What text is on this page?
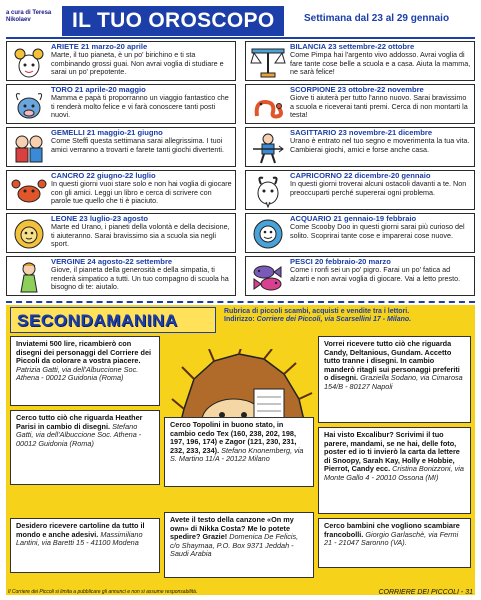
a cura di Teresa Nikolaev	IL TUO OROSCOPO	Settimana dal 23 al 29 gennaio
ARIETE 21 marzo-20 aprile
Marte, il tuo pianeta, è un po' birichino e ti sta combinando grossi guai. Non avrai voglia di studiare e sarai un po' prepotente.
BILANCIA 23 settembre-22 ottobre
Come Pimpa hai l'argento vivo addosso. Avrai voglia di fare tante cose belle a scuola e a casa. Aiuta la mamma, ne sarà felice!
TORO 21 aprile-20 maggio
Mamma e papà ti proporranno un viaggio fantastico che ti renderà molto felice e vi farà conoscere tanti posti nuovi.
SCORPIONE 23 ottobre-22 novembre
Giove ti aiuterà per tutto l'anno nuovo. Sarai bravissimo a scuola e riceverai tanti premi. Cerca di non montarti la testa!
GEMELLI 21 maggio-21 giugno
Come Steffi questa settimana sarai allegrissima. I tuoi amici verranno a trovarti e farete tanti giochi divertenti.
SAGITTARIO 23 novembre-21 dicembre
Urano è entrato nel tuo segno e moverimenta la tua vita. Cambierai giochi, amici e forse anche casa.
CANCRO 22 giugno-22 luglio
In questi giorni vuoi stare solo e non hai voglia di giocare con gli amici. Leggi un libro e cerca di scrivere con parole tue quello che ti è piaciuto.
CAPRICORNO 22 dicembre-20 gennaio
In questi giorni troverai alcuni ostacoli davanti a te. Non preoccuparti perché supererai ogni problema.
LEONE 23 luglio-23 agosto
Marte ed Urano, i pianeti della volontà e della decisione, ti aiuteranno. Sarai bravissimo sia a scuola sia negli sport.
ACQUARIO 21 gennaio-19 febbraio
Come Scooby Doo in questi giorni sarai più curioso del solito. Scoprirai tante cose e imparerai cose nuove.
VERGINE 24 agosto-22 settembre
Giove, il pianeta della generosità e della simpatia, ti renderà simpatico a tutti. Un tuo compagno di scuola ha bisogno di te: aiutalo.
PESCI 20 febbraio-20 marzo
Come i ronfi sei un po' pigro. Farai un po' fatica ad alzarti e non avrai voglia di giocare. Vai a letto presto.
SECONDAMANINA	Rubrica di piccoli scambi, acquisti e vendite tra i lettori.
Indirizzo: Corriere dei Piccoli, via Scarsellini 17 - Milano.
Inviatemi 500 lire, ricambierò con disegni dei personaggi del Corriere dei Piccoli da colorare a vostra piacere. Patrizia Gatti, via dell'Albuccione Soc. Athena - 00012 Guidonia (Roma)
Vorrei ricevere tutto ciò che riguarda Candy, Deltanious, Gundam. Accetto tutto tranne i disegni. In cambio manderò ritagli sui personaggi preferiti o disegni. Graziella Sodano, via Cimarosa 154/B - 80127 Napoli
Cerco tutto ciò che riguarda Heather Parisi in cambio di disegni. Stefano Gatti, via dell'Albuccione Soc. Athena - 00012 Guidonia (Roma)
Cerco Topolini in buono stato, in cambio cedo Tex (160, 238, 202, 198, 197, 196, 174) e Zagor (121, 230, 231, 232, 233, 234). Stefano Knonemberg, via S. Martino 11/A - 20122 Milano
Hai visto Excalibur? Scrivimi il tuo parere, mandami, se ne hai, delle foto, poster ed io ti invierò la carta da lettere di Snoopy, Sarah Kay, Holly e Hobbie, Pierrot, Candy ecc. Cristina Bonizzoni, via Monte Gallo 4 - 20010 Ossona (MI)
Desidero ricevere cartoline da tutto il mondo e anche adesivi. Massimiliano Lantini, via Baretti 15 - 41100 Modena
Avete il testo della canzone «On my own» di Nikka Costa? Me lo potete spedire? Grazie! Domenica De Felicis, c/o Shaymaa, P.O. Box 9371 Jeddah - Saudi Arabia
Cerco bambini che vogliono scambiare francobolli. Giorgio Garlaschè, via Fermi 21 - 21047 Saronno (VA).
Il Corriere dei Piccoli si limita a pubblicare gli annunci e non si assume responsabilità.	CORRIERE DEI PICCOLI - 31
